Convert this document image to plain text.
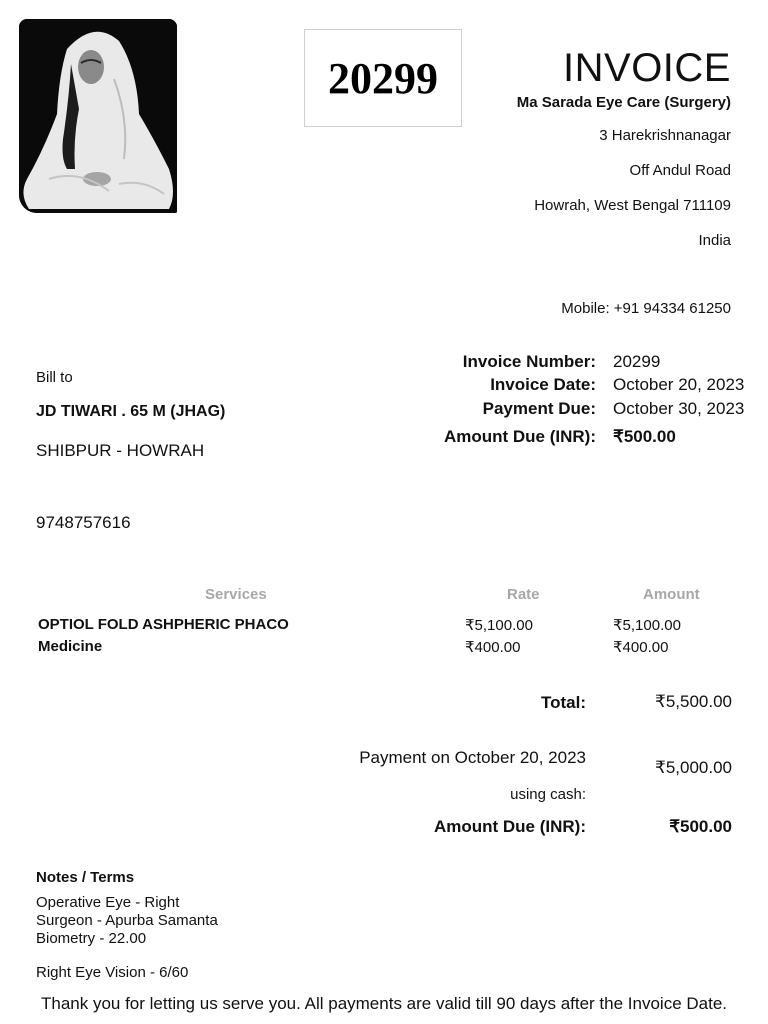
20299	INVOICE
Ma Sarada Eye Care (Surgery)
3 Harekrishnanagar
Off Andul Road
Howrah, West Bengal 711109
India
Mobile: +91 94334 61250
Bill to
JD TIWARI . 65 M (JHAG)
SHIBPUR - HOWRAH
9748757616
Invoice Number: 20299
Invoice Date: October 20, 2023
Payment Due: October 30, 2023
Amount Due (INR): ₹500.00
Services	Rate	Amount
OPTIOL FOLD ASHPHERIC PHACO	₹5,100.00	₹5,100.00
Medicine	₹400.00	₹400.00
Total:	₹5,500.00
Payment on October 20, 2023
₹5,000.00
using cash:
Amount Due (INR):	₹500.00
Notes / Terms
Operative Eye - Right
Surgeon - Apurba Samanta
Biometry - 22.00
Right Eye Vision - 6/60
Thank you for letting us serve you. All payments are valid till 90 days after the Invoice Date.
